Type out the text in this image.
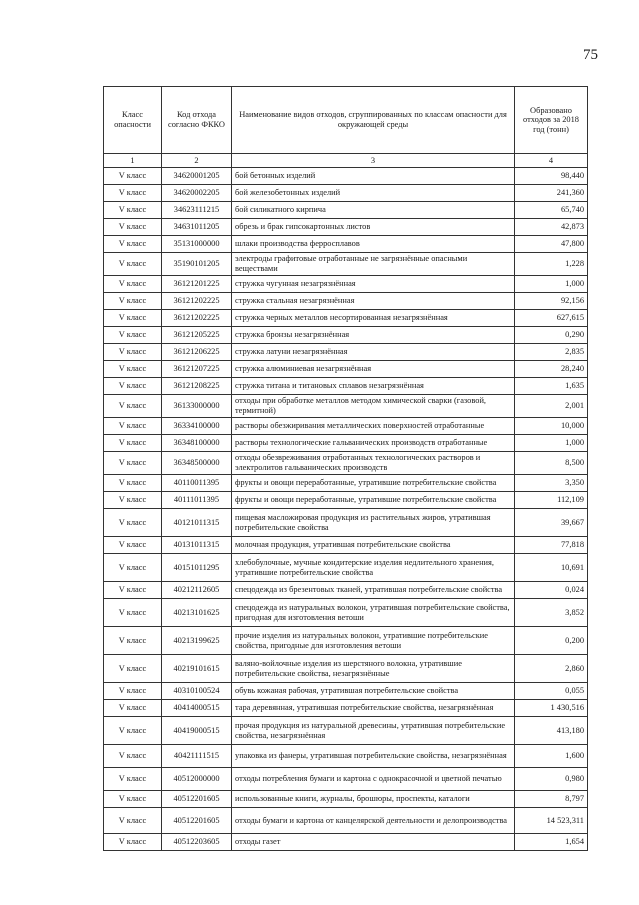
75
Класс опасности	Код отхода согласно ФККО	Наименование видов отходов, сгруппированных по классам опасности для окружающей среды	Образовано отходов за 2018 год (тонн)
1	2	3	4
V класс	34620001205	бой бетонных изделий	98,440
V класс	34620002205	бой железобетонных изделий	241,360
V класс	34623111215	бой силикатного кирпича	65,740
V класс	34631011205	обрезь и брак гипсокартонных листов	42,873
V класс	35131000000	шлаки производства ферросплавов	47,800
V класс	35190101205	электроды графитовые отработанные не загрязнённые опасными веществами	1,228
V класс	36121201225	стружка чугунная незагрязнённая	1,000
V класс	36121202225	стружка стальная незагрязнённая	92,156
V класс	36121202225	стружка черных металлов несортированная незагрязнённая	627,615
V класс	36121205225	стружка бронзы незагрязнённая	0,290
V класс	36121206225	стружка латуни незагрязнённая	2,835
V класс	36121207225	стружка алюминиевая незагрязнённая	28,240
V класс	36121208225	стружка титана и титановых сплавов незагрязнённая	1,635
V класс	36133000000	отходы при обработке металлов методом химической сварки (газовой, термитной)	2,001
V класс	36334100000	растворы обезжиривания металлических поверхностей отработанные	10,000
V класс	36348100000	растворы технологические гальванических производств отработанные	1,000
V класс	36348500000	отходы обезвреживания отработанных технологических растворов и электролитов гальванических производств	8,500
V класс	40110011395	фрукты и овощи переработанные, утратившие потребительские свойства	3,350
V класс	40111011395	фрукты и овощи переработанные, утратившие потребительские свойства	112,109
V класс	40121011315	пищевая масложировая продукция из растительных жиров, утратившая потребительские свойства	39,667
V класс	40131011315	молочная продукция, утратившая потребительские свойства	77,818
V класс	40151011295	хлебобулочные, мучные кондитерские изделия недлительного хранения, утратившие потребительские свойства	10,691
V класс	40212112605	спецодежда из брезентовых тканей, утратившая потребительские свойства	0,024
V класс	40213101625	спецодежда из натуральных волокон, утратившая потребительские свойства, пригодная для изготовления ветоши	3,852
V класс	40213199625	прочие изделия из натуральных волокон, утратившие потребительские свойства, пригодные для изготовления ветоши	0,200
V класс	40219101615	валяно-войлочные изделия из шерстяного волокна, утратившие потребительские свойства, незагрязнённые	2,860
V класс	40310100524	обувь кожаная рабочая, утратившая потребительские свойства	0,055
V класс	40414000515	тара деревянная, утратившая потребительские свойства, незагрязнённая	1 430,516
V класс	40419000515	прочая продукция из натуральной древесины, утратившая потребительские свойства, незагрязнённая	413,180
V класс	40421111515	упаковка из фанеры, утратившая потребительские свойства, незагрязнённая	1,600
V класс	40512000000	отходы потребления бумаги и картона с однокрасочной и цветной печатью	0,980
V класс	40512201605	использованные книги, журналы, брошюры, проспекты, каталоги	8,797
V класс	40512201605	отходы бумаги и картона от канцелярской деятельности и делопроизводства	14 523,311
V класс	40512203605	отходы газет	1,654
